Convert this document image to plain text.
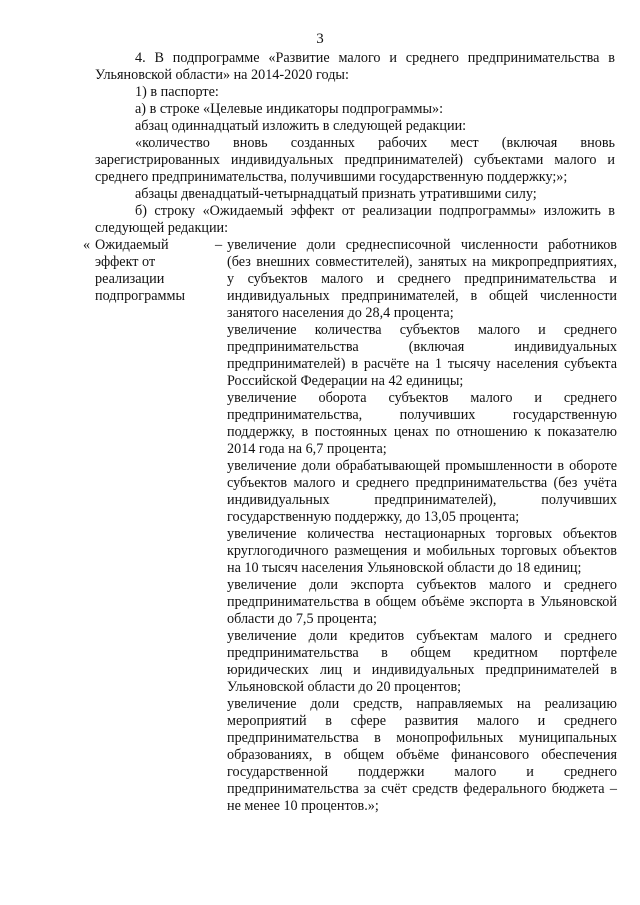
3

4. В подпрограмме «Развитие малого и среднего предпринимательства в Ульяновской области» на 2014-2020 годы:

1) в паспорте:

а) в строке «Целевые индикаторы подпрограммы»:

абзац одиннадцатый изложить в следующей редакции:

«количество вновь созданных рабочих мест (включая вновь зарегистрированных индивидуальных предпринимателей) субъектами малого и среднего предпринимательства, получившими государственную поддержку;»;

абзацы двенадцатый-четырнадцатый признать утратившими силу;

б) строку «Ожидаемый эффект от реализации подпрограммы» изложить в следующей редакции:

« Ожидаемый эффект от реализации подпрограммы
– увеличение доли среднесписочной численности работников (без внешних совместителей), занятых на микропредприятиях, у субъектов малого и среднего предпринимательства и индивидуальных предпринимателей, в общей численности занятого населения до 28,4 процента;

увеличение количества субъектов малого и среднего предпринимательства (включая индивидуальных предпринимателей) в расчёте на 1 тысячу населения субъекта Российской Федерации на 42 единицы;

увеличение оборота субъектов малого и среднего предпринимательства, получивших государственную поддержку, в постоянных ценах по отношению к показателю 2014 года на 6,7 процента;

увеличение доли обрабатывающей промышленности в обороте субъектов малого и среднего предпринимательства (без учёта индивидуальных предпринимателей), получивших государственную поддержку, до 13,05 процента;

увеличение количества нестационарных торговых объектов круглогодичного размещения и мобильных торговых объектов на 10 тысяч населения Ульяновской области до 18 единиц;

увеличение доли экспорта субъектов малого и среднего предпринимательства в общем объёме экспорта в Ульяновской области до 7,5 процента;

увеличение доли кредитов субъектам малого и среднего предпринимательства в общем кредитном портфеле юридических лиц и индивидуальных предпринимателей в Ульяновской области до 20 процентов;

увеличение доли средств, направляемых на реализацию мероприятий в сфере развития малого и среднего предпринимательства в монопрофильных муниципальных образованиях, в общем объёме финансового обеспечения государственной поддержки малого и среднего предпринимательства за счёт средств федерального бюджета – не менее 10 процентов.»;
